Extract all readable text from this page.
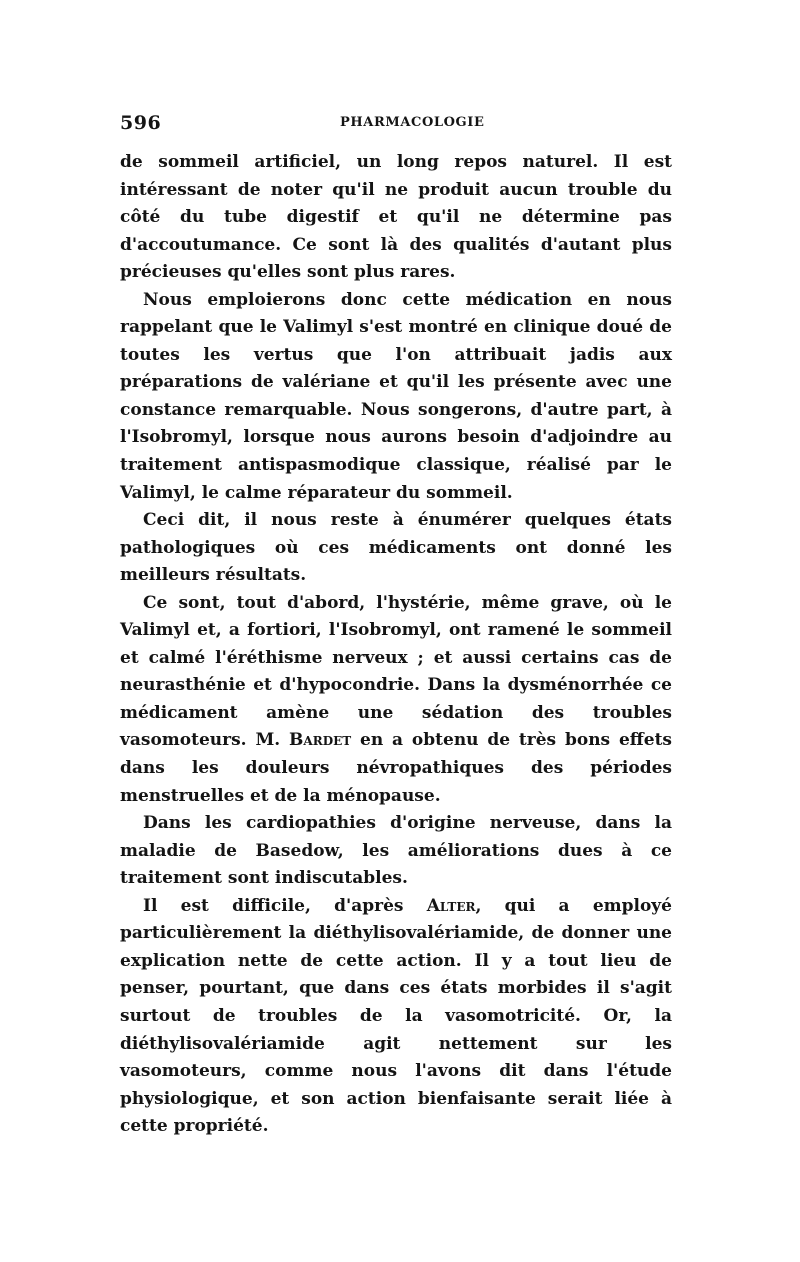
596	PHARMACOLOGIE

de sommeil artificiel, un long repos naturel. Il est intéressant de noter qu'il ne produit aucun trouble du côté du tube digestif et qu'il ne détermine pas d'accoutumance. Ce sont là des qualités d'autant plus précieuses qu'elles sont plus rares.

Nous emploierons donc cette médication en nous rappelant que le Valimyl s'est montré en clinique doué de toutes les vertus que l'on attribuait jadis aux préparations de valériane et qu'il les présente avec une constance remarquable. Nous songerons, d'autre part, à l'Isobromyl, lorsque nous aurons besoin d'adjoindre au traitement antispasmodique classique, réalisé par le Valimyl, le calme réparateur du sommeil.

Ceci dit, il nous reste à énumérer quelques états pathologiques où ces médicaments ont donné les meilleurs résultats.

Ce sont, tout d'abord, l'hystérie, même grave, où le Valimyl et, a fortiori, l'Isobromyl, ont ramené le sommeil et calmé l'éréthisme nerveux ; et aussi certains cas de neurasthénie et d'hypocondrie. Dans la dysménorrhée ce médicament amène une sédation des troubles vasomoteurs. M. Bardet en a obtenu de très bons effets dans les douleurs névropathiques des périodes menstruelles et de la ménopause.

Dans les cardiopathies d'origine nerveuse, dans la maladie de Basedow, les améliorations dues à ce traitement sont indiscutables.

Il est difficile, d'après Alter, qui a employé particulièrement la diéthylisovalériamide, de donner une explication nette de cette action. Il y a tout lieu de penser, pourtant, que dans ces états morbides il s'agit surtout de troubles de la vasomotricité. Or, la diéthylisovalériamide agit nettement sur les vasomoteurs, comme nous l'avons dit dans l'étude physiologique, et son action bienfaisante serait liée à cette propriété.
